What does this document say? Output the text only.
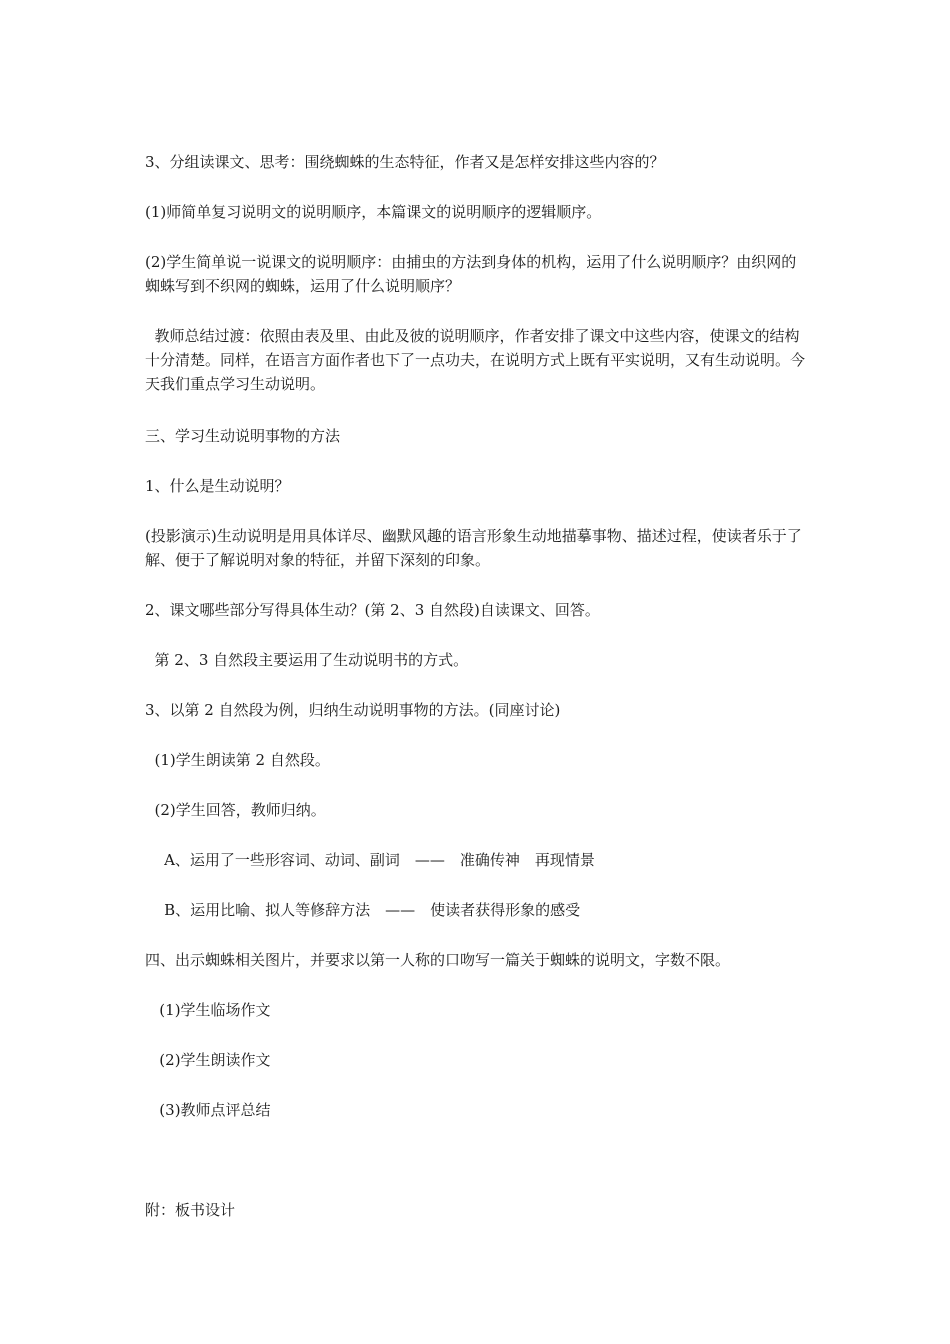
3、分组读课文、思考：围绕蜘蛛的生态特征，作者又是怎样安排这些内容的？

(1)师简单复习说明文的说明顺序，本篇课文的说明顺序的逻辑顺序。

(2)学生简单说一说课文的说明顺序：由捕虫的方法到身体的机构，运用了什么说明顺序？由织网的蜘蛛写到不织网的蜘蛛，运用了什么说明顺序？

教师总结过渡：依照由表及里、由此及彼的说明顺序，作者安排了课文中这些内容，使课文的结构十分清楚。同样，在语言方面作者也下了一点功夫，在说明方式上既有平实说明，又有生动说明。今天我们重点学习生动说明。

三、学习生动说明事物的方法

1、什么是生动说明？

(投影演示)生动说明是用具体详尽、幽默风趣的语言形象生动地描摹事物、描述过程，使读者乐于了解、便于了解说明对象的特征，并留下深刻的印象。

2、课文哪些部分写得具体生动？(第 2、3 自然段)自读课文、回答。

第 2、3 自然段主要运用了生动说明书的方式。

3、以第 2 自然段为例，归纳生动说明事物的方法。(同座讨论)

(1)学生朗读第 2 自然段。

(2)学生回答，教师归纳。

A、运用了一些形容词、动词、副词　——　准确传神　再现情景

B、运用比喻、拟人等修辞方法　——　使读者获得形象的感受

四、出示蜘蛛相关图片，并要求以第一人称的口吻写一篇关于蜘蛛的说明文，字数不限。

(1)学生临场作文

(2)学生朗读作文

(3)教师点评总结

附：板书设计
